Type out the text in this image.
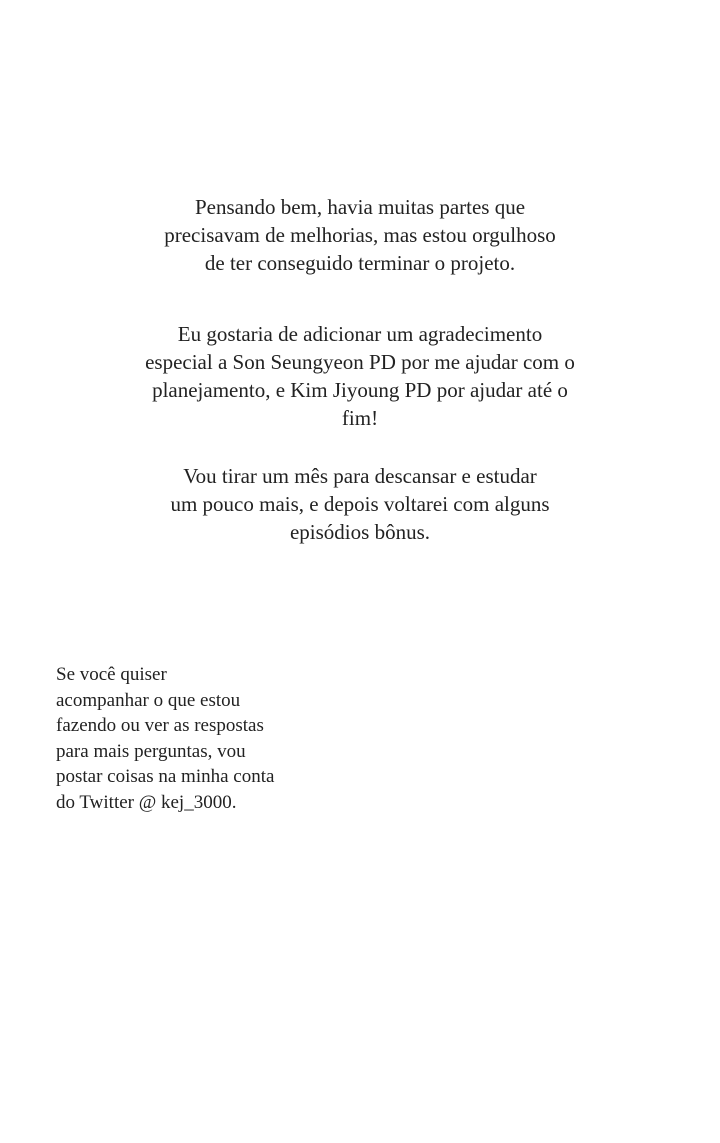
Pensando bem, havia muitas partes que
precisavam de melhorias, mas estou orgulhoso
de ter conseguido terminar o projeto.
Eu gostaria de adicionar um agradecimento
especial a Son Seungyeon PD por me ajudar com o
planejamento, e Kim Jiyoung PD por ajudar até o
fim!
Vou tirar um mês para descansar e estudar
um pouco mais, e depois voltarei com alguns
episódios bônus.
Se você quiser
acompanhar o que estou
fazendo ou ver as respostas
para mais perguntas, vou
postar coisas na minha conta
do Twitter @ kej_3000.
